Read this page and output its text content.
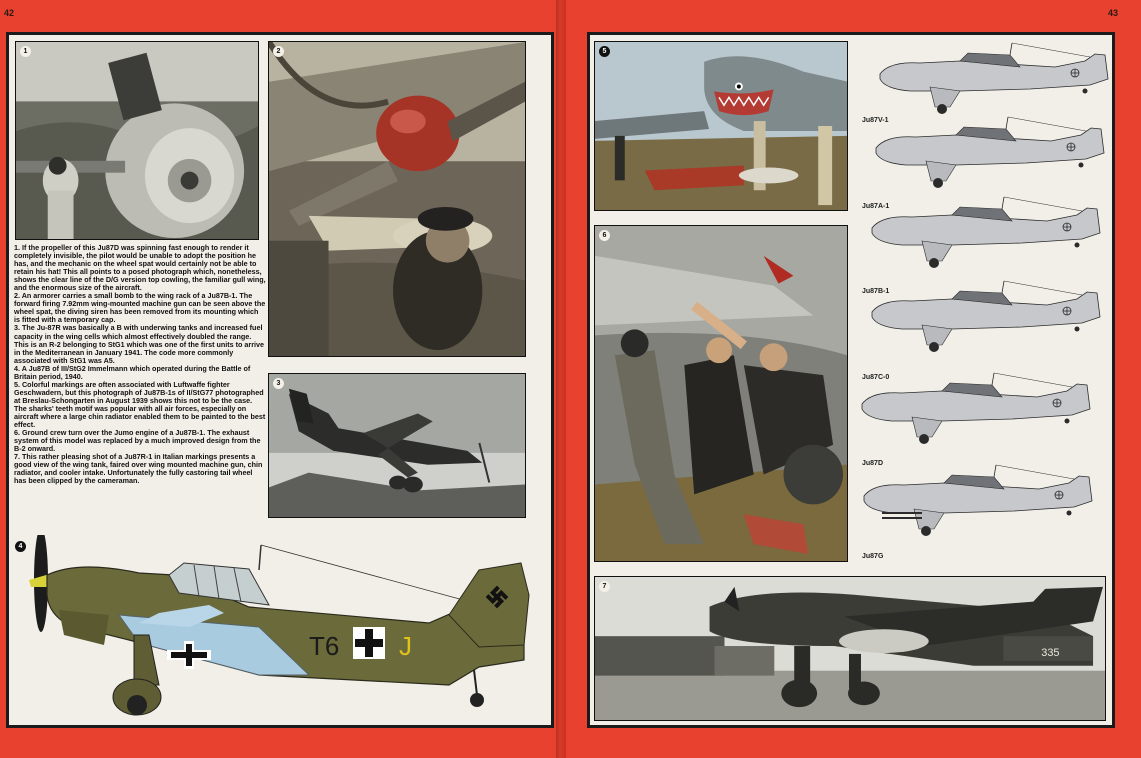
42	43
1	2

1. If the propeller of this Ju87D was spinning fast enough to render it completely invisible, the pilot would be unable to adopt the position he has, and the mechanic on the wheel spat would certainly not be able to retain his hat! This all points to a posed photograph which, nonetheless, shows the clear line of the D/G version top cowling, the familiar gull wing, and the enormous size of the aircraft.

2. An armorer carries a small bomb to the wing rack of a Ju87B-1. The forward firing 7.92mm wing-mounted machine gun can be seen above the wheel spat, the diving siren has been removed from its mounting which is fitted with a temporary cap.

3. The Ju-87R was basically a B with underwing tanks and increased fuel capacity in the wing cells which almost effectively doubled the range. This is an R-2 belonging to StG1 which was one of the first units to arrive in the Mediterranean in January 1941. The code more commonly associated with StG1 was A5.

4. A Ju87B of III/StG2 Immelmann which operated during the Battle of Britain period, 1940.

5. Colorful markings are often associated with Luftwaffe fighter Geschwadern, but this photograph of Ju87B-1s of II/StG77 photographed at Breslau-Schongarten in August 1939 shows this not to be the case. The sharks' teeth motif was popular with all air forces, especially on aircraft where a large chin radiator enabled them to be painted to the best effect.

6. Ground crew turn over the Jumo engine of a Ju87B-1. The exhaust system of this model was replaced by a much improved design from the B-2 onward.

7. This rather pleasing shot of a Ju87R-1 in Italian markings presents a good view of the wing tank, faired over wing mounted machine gun, chin radiator, and cooler intake. Unfortunately the fully castoring tail wheel has been clipped by the cameraman.

3
4
T6 J
5
6
7
335
Ju87V-1
Ju87A-1
Ju87B-1
Ju87C-0
Ju87D
Ju87G
